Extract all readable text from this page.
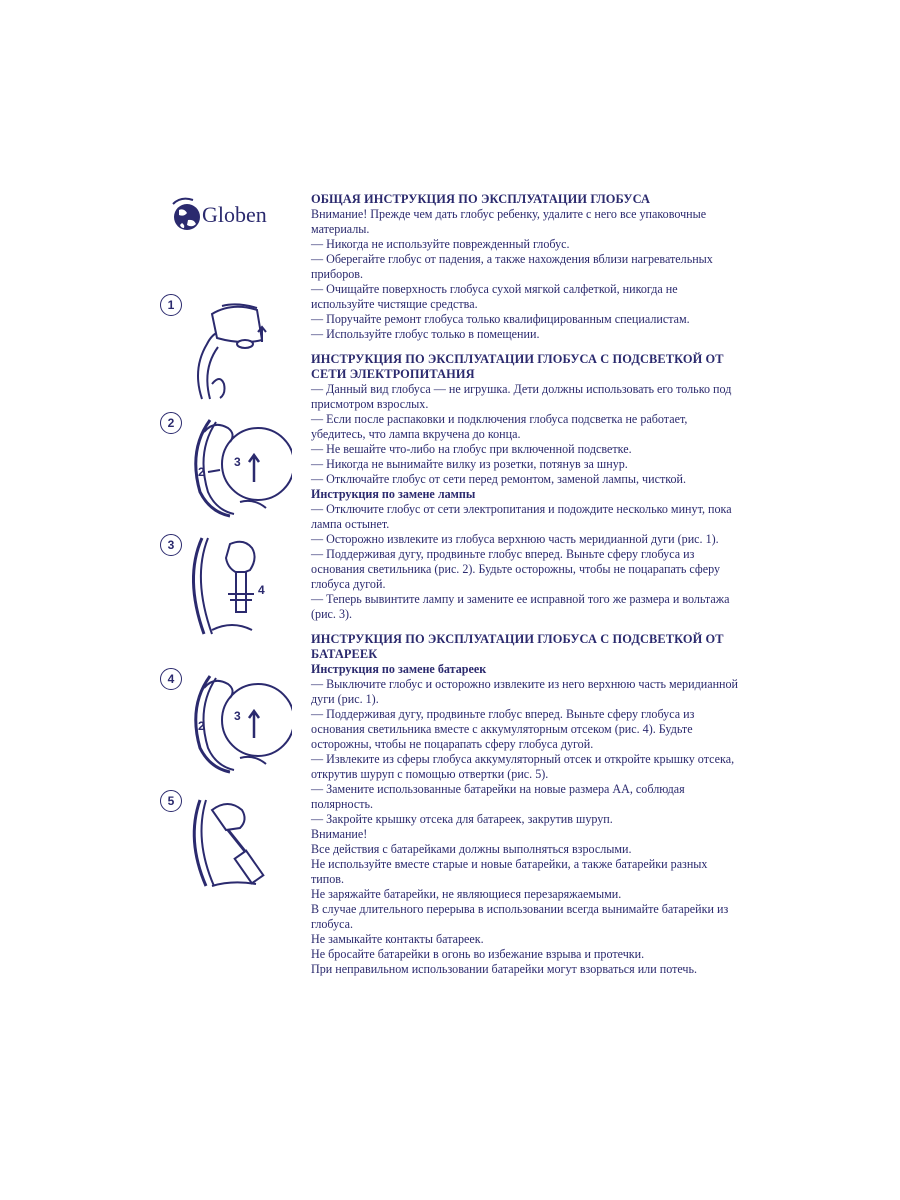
Globen
1
2
2
3
3
4
4
2
3
5

ОБЩАЯ ИНСТРУКЦИЯ ПО ЭКСПЛУАТАЦИИ ГЛОБУСА

Внимание! Прежде чем дать глобус ребенку, удалите с него все упаковочные материалы.

— Никогда не используйте поврежденный глобус.

— Оберегайте глобус от падения, а также нахождения вблизи нагревательных приборов.

— Очищайте поверхность глобуса сухой мягкой салфеткой, никогда не используйте чистящие средства.

— Поручайте ремонт глобуса только квалифицированным специалистам.

— Используйте глобус только в помещении.

ИНСТРУКЦИЯ ПО ЭКСПЛУАТАЦИИ ГЛОБУСА С ПОДСВЕТКОЙ ОТ СЕТИ ЭЛЕКТРОПИТАНИЯ

— Данный вид глобуса — не игрушка. Дети должны использовать его только под присмотром взрослых.

— Если после распаковки и подключения глобуса подсветка не работает, убедитесь, что лампа вкручена до конца.

— Не вешайте что-либо на глобус при включенной подсветке.

— Никогда не вынимайте вилку из розетки, потянув за шнур.

— Отключайте глобус от сети перед ремонтом, заменой лампы, чисткой.

Инструкция по замене лампы

— Отключите глобус от сети электропитания и подождите несколько минут, пока лампа остынет.

— Осторожно извлеките из глобуса верхнюю часть меридианной дуги (рис. 1).

— Поддерживая дугу, продвиньте глобус вперед. Выньте сферу глобуса из основания светильника (рис. 2). Будьте осторожны, чтобы не поцарапать сферу глобуса дугой.

— Теперь вывинтите лампу и замените ее исправной того же размера и вольтажа (рис. 3).

ИНСТРУКЦИЯ ПО ЭКСПЛУАТАЦИИ ГЛОБУСА С ПОДСВЕТКОЙ ОТ БАТАРЕЕК

Инструкция по замене батареек

— Выключите глобус и осторожно извлеките из него верхнюю часть меридианной дуги (рис. 1).

— Поддерживая дугу, продвиньте глобус вперед. Выньте сферу глобуса из основания светильника вместе с аккумуляторным отсеком (рис. 4). Будьте осторожны, чтобы не поцарапать сферу глобуса дугой.

— Извлеките из сферы глобуса аккумуляторный отсек и откройте крышку отсека, открутив шуруп с помощью отвертки (рис. 5).

— Замените использованные батарейки на новые размера АА, соблюдая полярность.

— Закройте крышку отсека для батареек, закрутив шуруп.

Внимание!

Все действия с батарейками должны выполняться взрослыми.

Не используйте вместе старые и новые батарейки, а также батарейки разных типов.

Не заряжайте батарейки, не являющиеся перезаряжаемыми.

В случае длительного перерыва в использовании всегда вынимайте батарейки из глобуса.

Не замыкайте контакты батареек.

Не бросайте батарейки в огонь во избежание взрыва и протечки.

При неправильном использовании батарейки могут взорваться или потечь.
